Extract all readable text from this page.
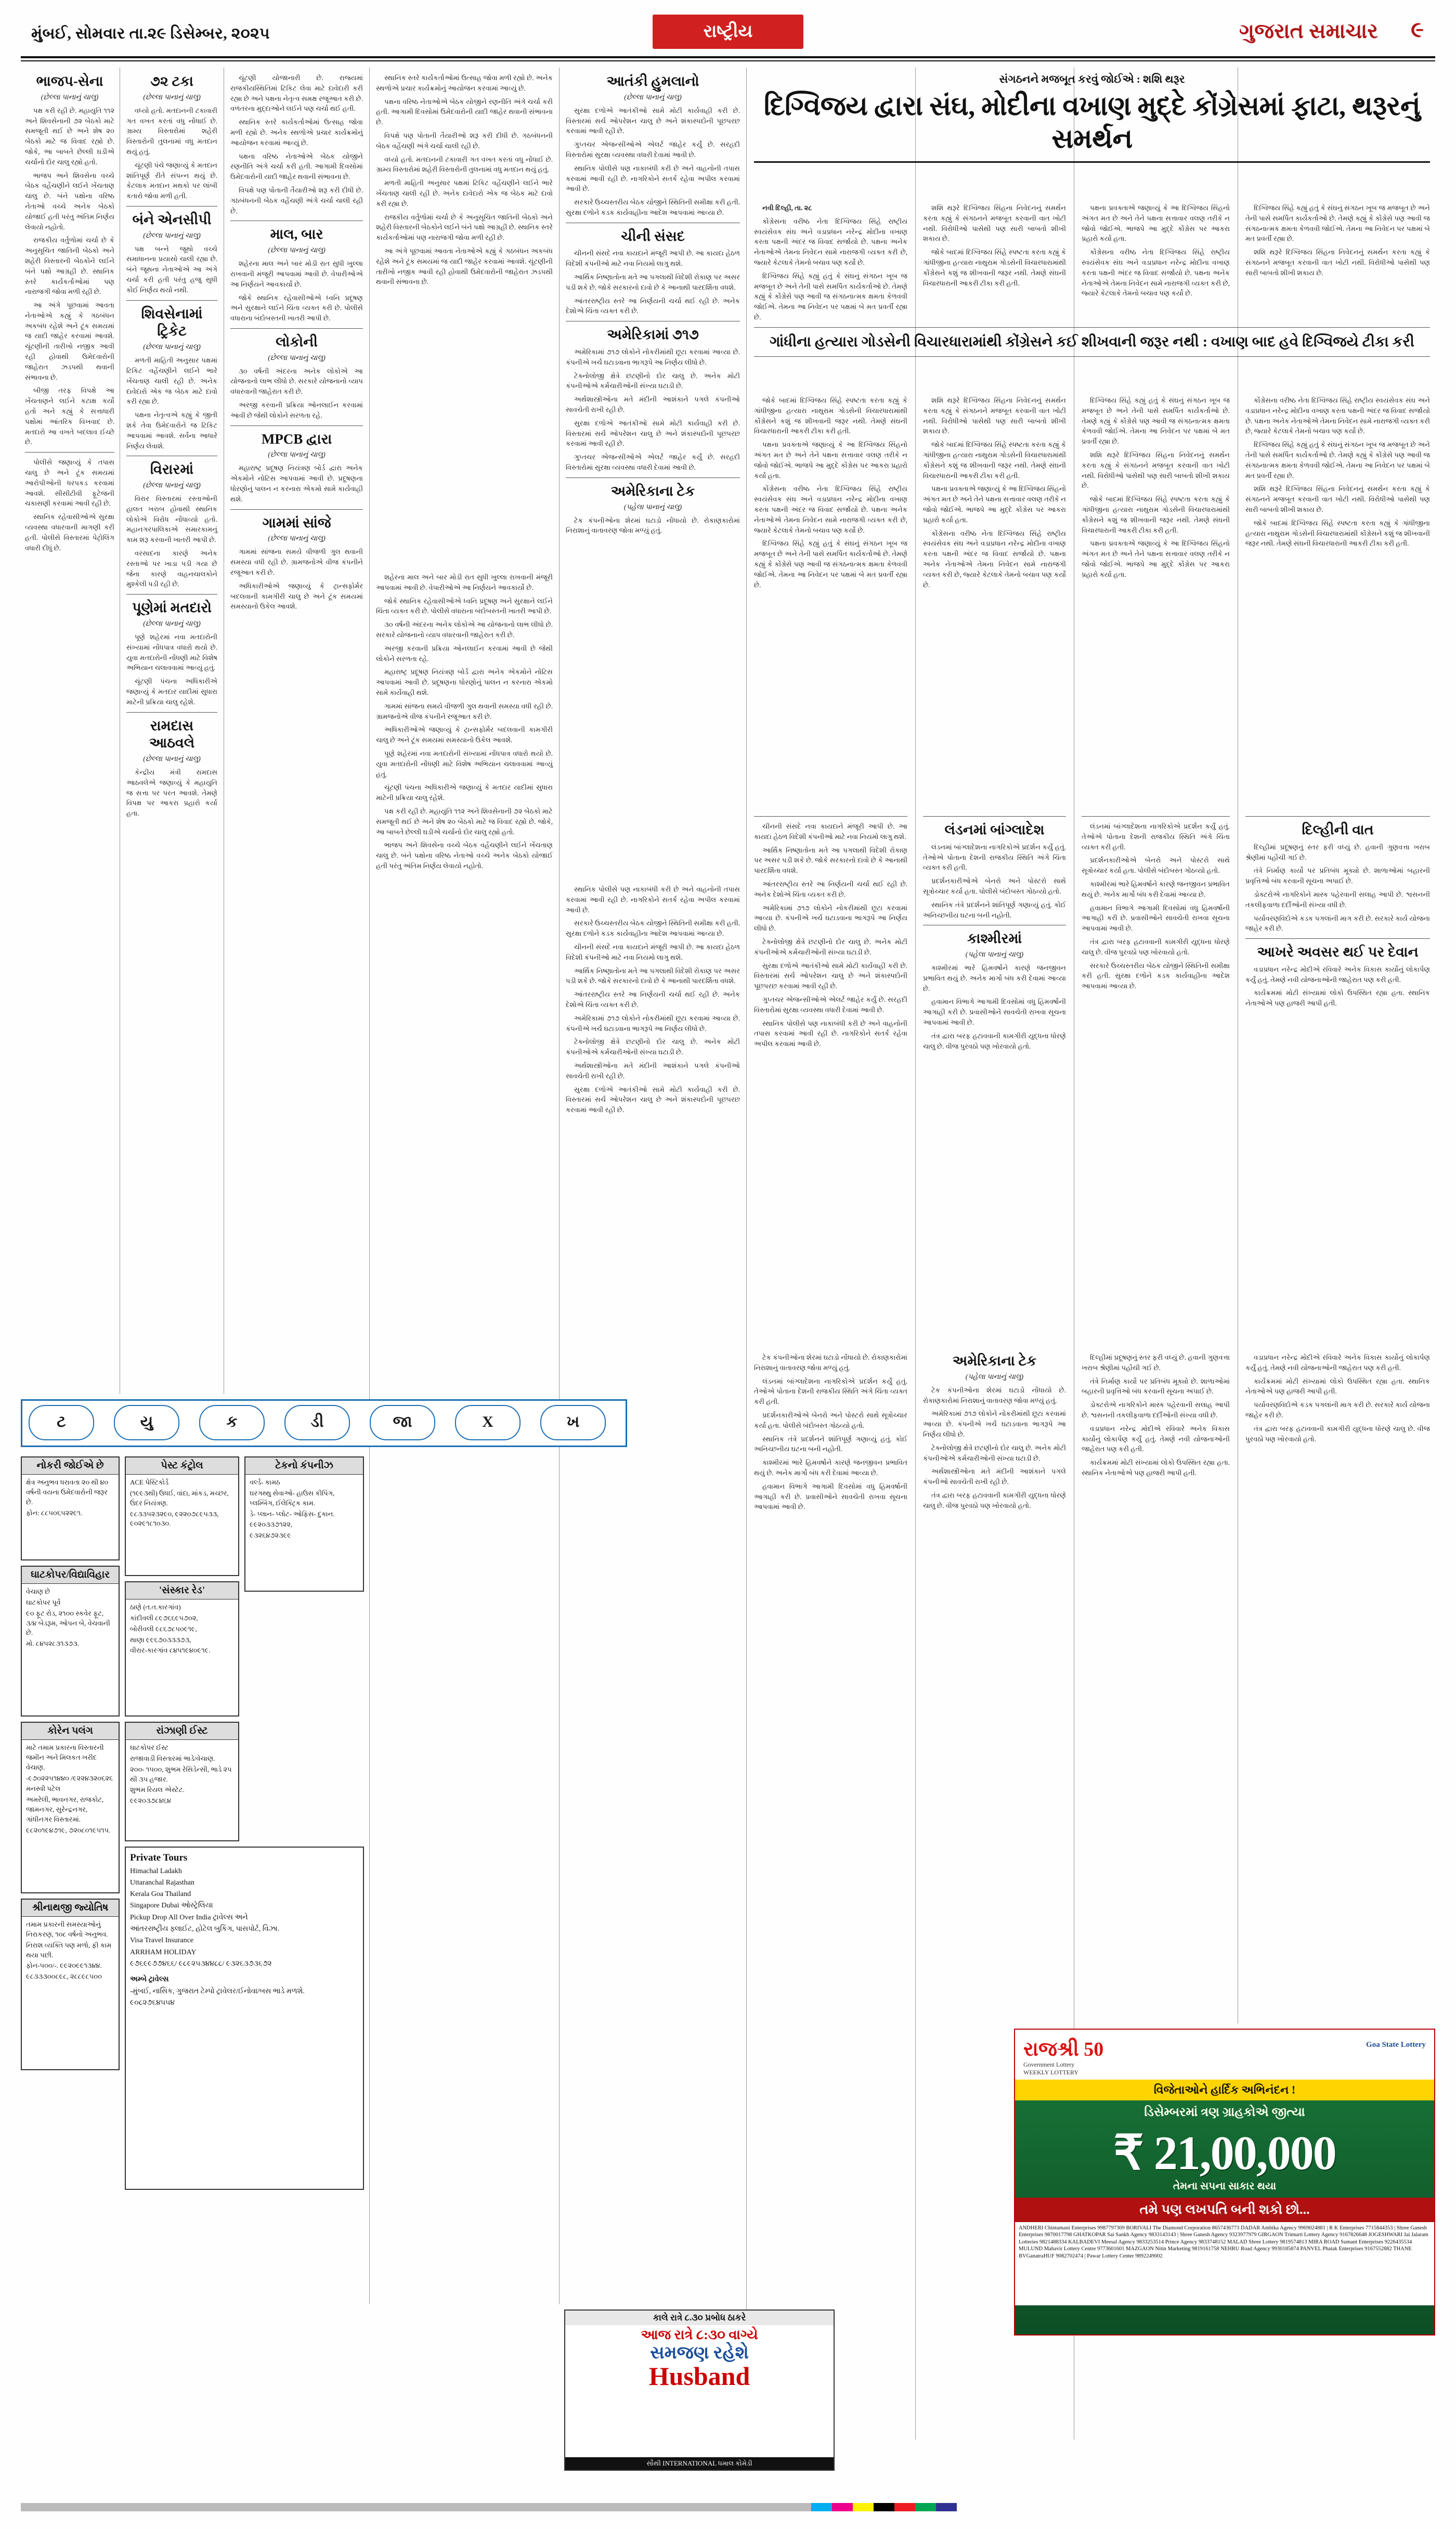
મુંબઈ, સોમવાર તા.૨૯ ડિસેમ્બર, ૨૦૨૫	રાષ્ટ્રીય	ગુજરાત સમાચાર ૯
ભાજપ-સેના
(છેલ્લા પાનાનું ચાલુ)

પક્ષ કરી રહી છે. મહાયુતિ ૧૧૨ અને શિવસેનાની ૭૨ બેઠકો માટે સમજૂતી થઈ છે અને શેષ ૨૦ બેઠકો માટે જ વિવાદ રહ્યો છે. જોકે, આ બાબતે છેલ્લી ઘડીએ ચર્ચાનો દોર ચાલુ રહ્યો હતો.

ભાજપ અને શિવસેના વચ્ચે બેઠક વહેંચણીને લઈને ખેંચતાણ ચાલુ છે. બંને પક્ષોના વરિષ્ઠ નેતાઓ વચ્ચે અનેક બેઠકો યોજાઈ હતી પરંતુ અંતિમ નિર્ણય લેવાયો નહોતો.

રાજકીય વર્તુળોમાં ચર્ચા છે કે અનુસૂચિત જાતિની બેઠકો અને શહેરી વિસ્તારની બેઠકોને લઈને બંને પક્ષો આગ્રહી છે. સ્થાનિક સ્તરે કાર્યકર્તાઓમાં પણ નારાજગી જોવા મળી રહી છે.

આ અંગે પૂછવામાં આવતા નેતાઓએ કહ્યું કે ગઠબંધન અકબંધ રહેશે અને ટૂંક સમયમાં જ યાદી જાહેર કરવામાં આવશે. ચૂંટણીની તારીખો નજીક આવી રહી હોવાથી ઉમેદવારોની જાહેરાત ઝડપથી થવાની સંભાવના છે.

બીજી તરફ વિપક્ષે આ ખેંચતાણને લઈને કટાક્ષ કર્યો હતો અને કહ્યું કે સત્તાધારી પક્ષોમાં આંતરિક વિખવાદ છે. મતદારો આ વખતે બદલાવ ઈચ્છે છે.

પોલીસે જણાવ્યું કે તપાસ ચાલુ છે અને ટૂંક સમયમાં આરોપીઓની ધરપકડ કરવામાં આવશે. સીસીટીવી ફૂટેજની ચકાસણી કરવામાં આવી રહી છે.

સ્થાનિક રહેવાસીઓએ સુરક્ષા વ્યવસ્થા વધારવાની માગણી કરી હતી. પોલીસે વિસ્તારમાં પેટ્રોલિંગ વધારી દીધું છે.

૭૨ ટકા
(છેલ્લા પાનાનું ચાલુ)

વધ્યો હતો. મતદાનની ટકાવારી ગત વખત કરતાં વધુ નોંધાઈ છે. ગ્રામ્ય વિસ્તારોમાં શહેરી વિસ્તારોની તુલનામાં વધુ મતદાન થયું હતું.

ચૂંટણી પંચે જણાવ્યું કે મતદાન શાંતિપૂર્ણ રીતે સંપન્ન થયું છે. કેટલાક મતદાન મથકો પર લાંબી કતારો જોવા મળી હતી.

બંને એનસીપી
(છેલ્લા પાનાનું ચાલુ)

પક્ષ બન્ને જૂથો વચ્ચે સમાધાનના પ્રયાસો ચાલી રહ્યા છે. બંને જૂથના નેતાઓએ આ અંગે ચર્ચા કરી હતી પરંતુ હજુ સુધી કોઈ નિર્ણય થયો નથી.

શિવસેનામાં ટ્રિકેટ
(છેલ્લા પાનાનું ચાલુ)

મળતી માહિતી અનુસાર પક્ષમાં ટિકિટ વહેંચણીને લઈને ભારે ખેંચતાણ ચાલી રહી છે. અનેક દાવેદારો એક જ બેઠક માટે દાવો કરી રહ્યા છે.

પક્ષના નેતૃત્વએ કહ્યું કે જીતી શકે તેવા ઉમેદવારોને જ ટિકિટ આપવામાં આવશે. સર્વેના આધારે નિર્ણય લેવાશે.

વિરારમાં
(છેલ્લા પાનાનું ચાલુ)

વિરાર વિસ્તારમાં રસ્તાઓની હાલત ખરાબ હોવાથી સ્થાનિક લોકોએ વિરોધ નોંધાવ્યો હતો. મહાનગરપાલિકાએ સમારકામનું કામ શરૂ કરવાની ખાતરી આપી છે.

વરસાદના કારણે અનેક રસ્તાઓ પર ખાડા પડી ગયા છે જેના કારણે વાહનચાલકોને મુશ્કેલી પડી રહી છે.

પૂણેમાં મતદારો
(છેલ્લા પાનાનું ચાલુ)

પૂણે શહેરમાં નવા મતદારોની સંખ્યામાં નોંધપાત્ર વધારો થયો છે. યુવા મતદારોની નોંધણી માટે વિશેષ અભિયાન ચલાવવામાં આવ્યું હતું.

ચૂંટણી પંચના અધિકારીએ જણાવ્યું કે મતદાર યાદીમાં સુધારા માટેની પ્રક્રિયા ચાલુ રહેશે.

રામદાસ આઠવલે
(છેલ્લા પાનાનું ચાલુ)

કેન્દ્રીય મંત્રી રામદાસ આઠવલેએ જણાવ્યું કે મહાયુતિ જ સત્તા પર પરત આવશે. તેમણે વિપક્ષ પર આકરા પ્રહારો કર્યા હતા.

ચૂંટણી યોજાનારી છે. રાજ્યમાં રાજકીયસ્થિતિમાં ટિકિટ લેવા માટે દાવેદારી કરી રહ્યા છે અને પક્ષના નેતૃત્વ સમક્ષ રજૂઆત કરી છે. વળતરના મુદ્દાઓને લઈને પણ ચર્ચા થઈ હતી.

સ્થાનિક સ્તરે કાર્યકર્તાઓમાં ઉત્સાહ જોવા મળી રહ્યો છે. અનેક સ્થળોએ પ્રચાર કાર્યક્રમોનું આયોજન કરવામાં આવ્યું છે.

પક્ષના વરિષ્ઠ નેતાઓએ બેઠક યોજીને રણનીતિ અંગે ચર્ચા કરી હતી. આગામી દિવસોમાં ઉમેદવારોની યાદી જાહેર થવાની સંભાવના છે.

વિપક્ષે પણ પોતાની તૈયારીઓ શરૂ કરી દીધી છે. ગઠબંધનની બેઠક વહેંચણી અંગે ચર્ચા ચાલી રહી છે.

માલ, બાર
(છેલ્લા પાનાનું ચાલુ)

શહેરના માલ અને બાર મોડી રાત સુધી ખુલ્લા રાખવાની મંજૂરી આપવામાં આવી છે. વેપારીઓએ આ નિર્ણયને આવકાર્યો છે.

જોકે સ્થાનિક રહેવાસીઓએ ધ્વનિ પ્રદૂષણ અને સુરક્ષાને લઈને ચિંતા વ્યક્ત કરી છે. પોલીસે વધારાના બંદોબસ્તની ખાતરી આપી છે.

લોકોની
(છેલ્લા પાનાનું ચાલુ)

૩૦ વર્ષની અંદરના અનેક લોકોએ આ યોજનાનો લાભ લીધો છે. સરકારે યોજનાનો વ્યાપ વધારવાની જાહેરાત કરી છે.

અરજી કરવાની પ્રક્રિયા ઓનલાઈન કરવામાં આવી છે જેથી લોકોને સરળતા રહે.

MPCB દ્વારા
(છેલ્લા પાનાનું ચાલુ)

મહારાષ્ટ્ર પ્રદૂષણ નિયંત્રણ બોર્ડ દ્વારા અનેક એકમોને નોટિસ આપવામાં આવી છે. પ્રદૂષણના ધોરણોનું પાલન ન કરનારા એકમો સામે કાર્યવાહી થશે.

ગામમાં સાંજે
(છેલ્લા પાનાનું ચાલુ)

ગામમાં સાંજના સમયે વીજળી ગુલ થવાની સમસ્યા વધી રહી છે. ગ્રામજનોએ વીજ કંપનીને રજૂઆત કરી છે.

અધિકારીઓએ જણાવ્યું કે ટ્રાન્સફોર્મર બદલવાની કામગીરી ચાલુ છે અને ટૂંક સમયમાં સમસ્યાનો ઉકેલ આવશે.

સ્થાનિક સ્તરે કાર્યકર્તાઓમાં ઉત્સાહ જોવા મળી રહ્યો છે. અનેક સ્થળોએ પ્રચાર કાર્યક્રમોનું આયોજન કરવામાં આવ્યું છે.

પક્ષના વરિષ્ઠ નેતાઓએ બેઠક યોજીને રણનીતિ અંગે ચર્ચા કરી હતી. આગામી દિવસોમાં ઉમેદવારોની યાદી જાહેર થવાની સંભાવના છે.

વિપક્ષે પણ પોતાની તૈયારીઓ શરૂ કરી દીધી છે. ગઠબંધનની બેઠક વહેંચણી અંગે ચર્ચા ચાલી રહી છે.

વધ્યો હતો. મતદાનની ટકાવારી ગત વખત કરતાં વધુ નોંધાઈ છે. ગ્રામ્ય વિસ્તારોમાં શહેરી વિસ્તારોની તુલનામાં વધુ મતદાન થયું હતું.

મળતી માહિતી અનુસાર પક્ષમાં ટિકિટ વહેંચણીને લઈને ભારે ખેંચતાણ ચાલી રહી છે. અનેક દાવેદારો એક જ બેઠક માટે દાવો કરી રહ્યા છે.

રાજકીય વર્તુળોમાં ચર્ચા છે કે અનુસૂચિત જાતિની બેઠકો અને શહેરી વિસ્તારની બેઠકોને લઈને બંને પક્ષો આગ્રહી છે. સ્થાનિક સ્તરે કાર્યકર્તાઓમાં પણ નારાજગી જોવા મળી રહી છે.

આ અંગે પૂછવામાં આવતા નેતાઓએ કહ્યું કે ગઠબંધન અકબંધ રહેશે અને ટૂંક સમયમાં જ યાદી જાહેર કરવામાં આવશે. ચૂંટણીની તારીખો નજીક આવી રહી હોવાથી ઉમેદવારોની જાહેરાત ઝડપથી થવાની સંભાવના છે.

આતંકી હુમલાનો
(છેલ્લા પાનાનું ચાલુ)

સુરક્ષા દળોએ આતંકીઓ સામે મોટી કાર્યવાહી કરી છે. વિસ્તારમાં સર્ચ ઓપરેશન ચાલુ છે અને શંકાસ્પદોની પૂછપરછ કરવામાં આવી રહી છે.

ગુપ્તચર એજન્સીઓએ એલર્ટ જાહેર કર્યું છે. સરહદી વિસ્તારોમાં સુરક્ષા વ્યવસ્થા વધારી દેવામાં આવી છે.

સ્થાનિક પોલીસે પણ નાકાબંધી કરી છે અને વાહનોની તપાસ કરવામાં આવી રહી છે. નાગરિકોને સતર્ક રહેવા અપીલ કરવામાં આવી છે.

સરકારે ઉચ્ચસ્તરીય બેઠક યોજીને સ્થિતિની સમીક્ષા કરી હતી. સુરક્ષા દળોને કડક કાર્યવાહીના આદેશ આપવામાં આવ્યા છે.

ચીની સંસદ

ચીનની સંસદે નવા કાયદાને મંજૂરી આપી છે. આ કાયદા હેઠળ વિદેશી કંપનીઓ માટે નવા નિયમો લાગુ થશે.

આર્થિક નિષ્ણાતોના મતે આ પગલાથી વિદેશી રોકાણ પર અસર પડી શકે છે. જોકે સરકારનો દાવો છે કે આનાથી પારદર્શિતા વધશે.

આંતરરાષ્ટ્રીય સ્તરે આ નિર્ણયની ચર્ચા થઈ રહી છે. અનેક દેશોએ ચિંતા વ્યક્ત કરી છે.

અમેરિકામાં ૭૧૭

અમેરિકામાં ૭૧૭ લોકોને નોકરીમાંથી છૂટા કરવામાં આવ્યા છે. કંપનીએ ખર્ચ ઘટાડવાના ભાગરૂપે આ નિર્ણય લીધો છે.

ટેક્નોલોજી ક્ષેત્રે છટણીનો દોર ચાલુ છે. અનેક મોટી કંપનીઓએ કર્મચારીઓની સંખ્યા ઘટાડી છે.

અર્થશાસ્ત્રીઓના મતે મંદીની આશંકાને પગલે કંપનીઓ સાવચેતી રાખી રહી છે.

સુરક્ષા દળોએ આતંકીઓ સામે મોટી કાર્યવાહી કરી છે. વિસ્તારમાં સર્ચ ઓપરેશન ચાલુ છે અને શંકાસ્પદોની પૂછપરછ કરવામાં આવી રહી છે.

ગુપ્તચર એજન્સીઓએ એલર્ટ જાહેર કર્યું છે. સરહદી વિસ્તારોમાં સુરક્ષા વ્યવસ્થા વધારી દેવામાં આવી છે.

અમેરિકાના ટેક
(પહેલા પાનાનું ચાલુ)

ટેક કંપનીઓના શેરમાં ઘટાડો નોંધાયો છે. રોકાણકારોમાં નિરાશાનું વાતાવરણ જોવા મળ્યું હતું.

સંગઠનને મજબૂત કરવું જોઈએ : શશિ થરૂર
દિગ્વિજય દ્વારા સંઘ, મોદીના વખાણ મુદ્દે કોંગ્રેસમાં ફાટા, થરૂરનું સમર્થન

નવી દિલ્હી, તા. ૨૮

કોંગ્રેસના વરીષ્ઠ નેતા દિગ્વિજય સિંહે રાષ્ટ્રીય સ્વયંસેવક સંઘ અને વડાપ્રધાન નરેન્દ્ર મોદીના વખાણ કરતા પક્ષની અંદર જ વિવાદ સર્જાયો છે. પક્ષના અનેક નેતાઓએ તેમના નિવેદન સામે નારાજગી વ્યક્ત કરી છે, જ્યારે કેટલાકે તેમનો બચાવ પણ કર્યો છે.

દિગ્વિજય સિંહે કહ્યું હતું કે સંઘનું સંગઠન ખૂબ જ મજબૂત છે અને તેની પાસે સમર્પિત કાર્યકર્તાઓ છે. તેમણે કહ્યું કે કોંગ્રેસે પણ આવી જ સંગઠનાત્મક ક્ષમતા કેળવવી જોઈએ. તેમના આ નિવેદન પર પક્ષમાં બે મત પ્રવર્તી રહ્યા છે.

શશિ થરૂરે દિગ્વિજય સિંહના નિવેદનનું સમર્થન કરતા કહ્યું કે સંગઠનને મજબૂત કરવાની વાત ખોટી નથી. વિરોધીઓ પાસેથી પણ સારી બાબતો શીખી શકાય છે.

જોકે બાદમાં દિગ્વિજય સિંહે સ્પષ્ટતા કરતા કહ્યું કે ગાંધીજીના હત્યારા નાથુરામ ગોડસેની વિચારધારામાંથી કોંગ્રેસને કશું જ શીખવાની જરૂર નથી. તેમણે સંઘની વિચારધારાની આકરી ટીકા કરી હતી.

પક્ષના પ્રવક્તાએ જણાવ્યું કે આ દિગ્વિજય સિંહનો અંગત મત છે અને તેને પક્ષના સત્તાવાર વલણ તરીકે ન જોવો જોઈએ. ભાજપે આ મુદ્દે કોંગ્રેસ પર આકરા પ્રહારો કર્યા હતા.

કોંગ્રેસના વરીષ્ઠ નેતા દિગ્વિજય સિંહે રાષ્ટ્રીય સ્વયંસેવક સંઘ અને વડાપ્રધાન નરેન્દ્ર મોદીના વખાણ કરતા પક્ષની અંદર જ વિવાદ સર્જાયો છે. પક્ષના અનેક નેતાઓએ તેમના નિવેદન સામે નારાજગી વ્યક્ત કરી છે, જ્યારે કેટલાકે તેમનો બચાવ પણ કર્યો છે.

દિગ્વિજય સિંહે કહ્યું હતું કે સંઘનું સંગઠન ખૂબ જ મજબૂત છે અને તેની પાસે સમર્પિત કાર્યકર્તાઓ છે. તેમણે કહ્યું કે કોંગ્રેસે પણ આવી જ સંગઠનાત્મક ક્ષમતા કેળવવી જોઈએ. તેમના આ નિવેદન પર પક્ષમાં બે મત પ્રવર્તી રહ્યા છે.

શશિ થરૂરે દિગ્વિજય સિંહના નિવેદનનું સમર્થન કરતા કહ્યું કે સંગઠનને મજબૂત કરવાની વાત ખોટી નથી. વિરોધીઓ પાસેથી પણ સારી બાબતો શીખી શકાય છે.

ગાંધીના હત્યારા ગોડસેની વિચારધારામાંથી કોંગ્રેસને કઈ શીખવાની જરૂર નથી : વખાણ બાદ હવે દિગ્વિજયે ટીકા કરી

જોકે બાદમાં દિગ્વિજય સિંહે સ્પષ્ટતા કરતા કહ્યું કે ગાંધીજીના હત્યારા નાથુરામ ગોડસેની વિચારધારામાંથી કોંગ્રેસને કશું જ શીખવાની જરૂર નથી. તેમણે સંઘની વિચારધારાની આકરી ટીકા કરી હતી.

પક્ષના પ્રવક્તાએ જણાવ્યું કે આ દિગ્વિજય સિંહનો અંગત મત છે અને તેને પક્ષના સત્તાવાર વલણ તરીકે ન જોવો જોઈએ. ભાજપે આ મુદ્દે કોંગ્રેસ પર આકરા પ્રહારો કર્યા હતા.

કોંગ્રેસના વરીષ્ઠ નેતા દિગ્વિજય સિંહે રાષ્ટ્રીય સ્વયંસેવક સંઘ અને વડાપ્રધાન નરેન્દ્ર મોદીના વખાણ કરતા પક્ષની અંદર જ વિવાદ સર્જાયો છે. પક્ષના અનેક નેતાઓએ તેમના નિવેદન સામે નારાજગી વ્યક્ત કરી છે, જ્યારે કેટલાકે તેમનો બચાવ પણ કર્યો છે.

દિગ્વિજય સિંહે કહ્યું હતું કે સંઘનું સંગઠન ખૂબ જ મજબૂત છે અને તેની પાસે સમર્પિત કાર્યકર્તાઓ છે. તેમણે કહ્યું કે કોંગ્રેસે પણ આવી જ સંગઠનાત્મક ક્ષમતા કેળવવી જોઈએ. તેમના આ નિવેદન પર પક્ષમાં બે મત પ્રવર્તી રહ્યા છે.

શશિ થરૂરે દિગ્વિજય સિંહના નિવેદનનું સમર્થન કરતા કહ્યું કે સંગઠનને મજબૂત કરવાની વાત ખોટી નથી. વિરોધીઓ પાસેથી પણ સારી બાબતો શીખી શકાય છે.

જોકે બાદમાં દિગ્વિજય સિંહે સ્પષ્ટતા કરતા કહ્યું કે ગાંધીજીના હત્યારા નાથુરામ ગોડસેની વિચારધારામાંથી કોંગ્રેસને કશું જ શીખવાની જરૂર નથી. તેમણે સંઘની વિચારધારાની આકરી ટીકા કરી હતી.

પક્ષના પ્રવક્તાએ જણાવ્યું કે આ દિગ્વિજય સિંહનો અંગત મત છે અને તેને પક્ષના સત્તાવાર વલણ તરીકે ન જોવો જોઈએ. ભાજપે આ મુદ્દે કોંગ્રેસ પર આકરા પ્રહારો કર્યા હતા.

કોંગ્રેસના વરીષ્ઠ નેતા દિગ્વિજય સિંહે રાષ્ટ્રીય સ્વયંસેવક સંઘ અને વડાપ્રધાન નરેન્દ્ર મોદીના વખાણ કરતા પક્ષની અંદર જ વિવાદ સર્જાયો છે. પક્ષના અનેક નેતાઓએ તેમના નિવેદન સામે નારાજગી વ્યક્ત કરી છે, જ્યારે કેટલાકે તેમનો બચાવ પણ કર્યો છે.

દિગ્વિજય સિંહે કહ્યું હતું કે સંઘનું સંગઠન ખૂબ જ મજબૂત છે અને તેની પાસે સમર્પિત કાર્યકર્તાઓ છે. તેમણે કહ્યું કે કોંગ્રેસે પણ આવી જ સંગઠનાત્મક ક્ષમતા કેળવવી જોઈએ. તેમના આ નિવેદન પર પક્ષમાં બે મત પ્રવર્તી રહ્યા છે.

શશિ થરૂરે દિગ્વિજય સિંહના નિવેદનનું સમર્થન કરતા કહ્યું કે સંગઠનને મજબૂત કરવાની વાત ખોટી નથી. વિરોધીઓ પાસેથી પણ સારી બાબતો શીખી શકાય છે.

જોકે બાદમાં દિગ્વિજય સિંહે સ્પષ્ટતા કરતા કહ્યું કે ગાંધીજીના હત્યારા નાથુરામ ગોડસેની વિચારધારામાંથી કોંગ્રેસને કશું જ શીખવાની જરૂર નથી. તેમણે સંઘની વિચારધારાની આકરી ટીકા કરી હતી.

પક્ષના પ્રવક્તાએ જણાવ્યું કે આ દિગ્વિજય સિંહનો અંગત મત છે અને તેને પક્ષના સત્તાવાર વલણ તરીકે ન જોવો જોઈએ. ભાજપે આ મુદ્દે કોંગ્રેસ પર આકરા પ્રહારો કર્યા હતા.

કોંગ્રેસના વરીષ્ઠ નેતા દિગ્વિજય સિંહે રાષ્ટ્રીય સ્વયંસેવક સંઘ અને વડાપ્રધાન નરેન્દ્ર મોદીના વખાણ કરતા પક્ષની અંદર જ વિવાદ સર્જાયો છે. પક્ષના અનેક નેતાઓએ તેમના નિવેદન સામે નારાજગી વ્યક્ત કરી છે, જ્યારે કેટલાકે તેમનો બચાવ પણ કર્યો છે.

દિગ્વિજય સિંહે કહ્યું હતું કે સંઘનું સંગઠન ખૂબ જ મજબૂત છે અને તેની પાસે સમર્પિત કાર્યકર્તાઓ છે. તેમણે કહ્યું કે કોંગ્રેસે પણ આવી જ સંગઠનાત્મક ક્ષમતા કેળવવી જોઈએ. તેમના આ નિવેદન પર પક્ષમાં બે મત પ્રવર્તી રહ્યા છે.

શશિ થરૂરે દિગ્વિજય સિંહના નિવેદનનું સમર્થન કરતા કહ્યું કે સંગઠનને મજબૂત કરવાની વાત ખોટી નથી. વિરોધીઓ પાસેથી પણ સારી બાબતો શીખી શકાય છે.

જોકે બાદમાં દિગ્વિજય સિંહે સ્પષ્ટતા કરતા કહ્યું કે ગાંધીજીના હત્યારા નાથુરામ ગોડસેની વિચારધારામાંથી કોંગ્રેસને કશું જ શીખવાની જરૂર નથી. તેમણે સંઘની વિચારધારાની આકરી ટીકા કરી હતી.

ચીનની સંસદે નવા કાયદાને મંજૂરી આપી છે. આ કાયદા હેઠળ વિદેશી કંપનીઓ માટે નવા નિયમો લાગુ થશે.

આર્થિક નિષ્ણાતોના મતે આ પગલાથી વિદેશી રોકાણ પર અસર પડી શકે છે. જોકે સરકારનો દાવો છે કે આનાથી પારદર્શિતા વધશે.

આંતરરાષ્ટ્રીય સ્તરે આ નિર્ણયની ચર્ચા થઈ રહી છે. અનેક દેશોએ ચિંતા વ્યક્ત કરી છે.

અમેરિકામાં ૭૧૭ લોકોને નોકરીમાંથી છૂટા કરવામાં આવ્યા છે. કંપનીએ ખર્ચ ઘટાડવાના ભાગરૂપે આ નિર્ણય લીધો છે.

ટેક્નોલોજી ક્ષેત્રે છટણીનો દોર ચાલુ છે. અનેક મોટી કંપનીઓએ કર્મચારીઓની સંખ્યા ઘટાડી છે.

સુરક્ષા દળોએ આતંકીઓ સામે મોટી કાર્યવાહી કરી છે. વિસ્તારમાં સર્ચ ઓપરેશન ચાલુ છે અને શંકાસ્પદોની પૂછપરછ કરવામાં આવી રહી છે.

ગુપ્તચર એજન્સીઓએ એલર્ટ જાહેર કર્યું છે. સરહદી વિસ્તારોમાં સુરક્ષા વ્યવસ્થા વધારી દેવામાં આવી છે.

સ્થાનિક પોલીસે પણ નાકાબંધી કરી છે અને વાહનોની તપાસ કરવામાં આવી રહી છે. નાગરિકોને સતર્ક રહેવા અપીલ કરવામાં આવી છે.

લંડનમાં બાંગ્લાદેશ

લંડનમાં બાંગ્લાદેશના નાગરિકોએ પ્રદર્શન કર્યું હતું. તેઓએ પોતાના દેશની રાજકીય સ્થિતિ અંગે ચિંતા વ્યક્ત કરી હતી.

પ્રદર્શનકારીઓએ બેનરો અને પોસ્ટરો સાથે સૂત્રોચ્ચાર કર્યા હતા. પોલીસે બંદોબસ્ત ગોઠવ્યો હતો.

સ્થાનિક તંત્રે પ્રદર્શનને શાંતિપૂર્ણ ગણાવ્યું હતું. કોઈ અનિચ્છનીય ઘટના બની નહોતી.

કાશ્મીરમાં
(પહેલા પાનાનું ચાલુ)

કાશ્મીરમાં ભારે હિમવર્ષાને કારણે જનજીવન પ્રભાવિત થયું છે. અનેક માર્ગો બંધ કરી દેવામાં આવ્યા છે.

હવામાન વિભાગે આગામી દિવસોમાં વધુ હિમવર્ષાની આગાહી કરી છે. પ્રવાસીઓને સાવચેતી રાખવા સૂચના આપવામાં આવી છે.

તંત્ર દ્વારા બરફ હટાવવાની કામગીરી યુદ્ધના ધોરણે ચાલુ છે. વીજ પુરવઠો પણ ખોરવાયો હતો.

લંડનમાં બાંગ્લાદેશના નાગરિકોએ પ્રદર્શન કર્યું હતું. તેઓએ પોતાના દેશની રાજકીય સ્થિતિ અંગે ચિંતા વ્યક્ત કરી હતી.

પ્રદર્શનકારીઓએ બેનરો અને પોસ્ટરો સાથે સૂત્રોચ્ચાર કર્યા હતા. પોલીસે બંદોબસ્ત ગોઠવ્યો હતો.

કાશ્મીરમાં ભારે હિમવર્ષાને કારણે જનજીવન પ્રભાવિત થયું છે. અનેક માર્ગો બંધ કરી દેવામાં આવ્યા છે.

હવામાન વિભાગે આગામી દિવસોમાં વધુ હિમવર્ષાની આગાહી કરી છે. પ્રવાસીઓને સાવચેતી રાખવા સૂચના આપવામાં આવી છે.

તંત્ર દ્વારા બરફ હટાવવાની કામગીરી યુદ્ધના ધોરણે ચાલુ છે. વીજ પુરવઠો પણ ખોરવાયો હતો.

સરકારે ઉચ્ચસ્તરીય બેઠક યોજીને સ્થિતિની સમીક્ષા કરી હતી. સુરક્ષા દળોને કડક કાર્યવાહીના આદેશ આપવામાં આવ્યા છે.

દિલ્હીની વાત

દિલ્હીમાં પ્રદૂષણનું સ્તર ફરી વધ્યું છે. હવાની ગુણવત્તા ખરાબ શ્રેણીમાં પહોંચી ગઈ છે.

તંત્રે નિર્માણ કાર્યો પર પ્રતિબંધ મૂક્યો છે. શાળાઓમાં બહારની પ્રવૃત્તિઓ બંધ કરવાની સૂચના અપાઈ છે.

ડોક્ટરોએ નાગરિકોને માસ્ક પહેરવાની સલાહ આપી છે. શ્વસનની તકલીફવાળા દર્દીઓની સંખ્યા વધી છે.

પર્યાવરણવિદોએ કડક પગલાંની માગ કરી છે. સરકારે કાર્ય યોજના જાહેર કરી છે.

આખરે અવસર થઈ પર દેવાન

વડાપ્રધાન નરેન્દ્ર મોદીએ રવિવારે અનેક વિકાસ કાર્યોનું લોકાર્પણ કર્યું હતું. તેમણે નવી યોજનાઓની જાહેરાત પણ કરી હતી.

કાર્યક્રમમાં મોટી સંખ્યામાં લોકો ઉપસ્થિત રહ્યા હતા. સ્થાનિક નેતાઓએ પણ હાજરી આપી હતી.

ટ	યુ	ક	ડી	જા	X	ખ
નોકરી જોઈએ છે
ક્ષેત્ર અનુભવ ધરાવતા ૨૦ થી ૪૦ વર્ષની વયના ઉમેદવારોની જરૂર છે.
ફોન: ૮૮૫૦૬૫૨૨૯૧.
ઘાટકોપર/વિદ્યાવિહાર
વેચાણ છે
ઘાટકોપર પૂર્વ
૯૦ ફૂટ રોડ, ૨૧૦૦ સ્કવેર ફૂટ, ૩/૪ બેડરૂમ, ઓપન બે, વેચવાની છે.
મો. ૮૪૫૨૮૩૧૩૭૩.
કોરેન પલંગ
માટે તમામ પ્રકારના વિસ્તારની જમીન અને મિલકત ખરીદ વેચાણ.
-૯૭૦૨૨૫૧૪૪૦ /૯૨૨૪૩૨૦૬૨૬
મનસ્વી પટેલ
અમરેલી, ભાવનગર, રાજકોટ, જામનગર, સુરેન્દ્રનગર, ગાંધીનગર વિસ્તારમાં.
૯૮૨૦૧૯૪૭૧૯, ૭૨૦૮૦૧૯૫૧૫.
શ્રીનાથજી જ્યોતિષ
તમામ પ્રકારની સમસ્યાઓનું નિરાકરણ, ૧૦૮ વર્ષનો અનુભવ.
નિરાશ વ્યક્તિ પણ મળો, ફી કામ થયા પછી.
ફોન-૫૦૦/-. ૯૯૨૦૯૯૧૩૪૪.
૯૮૩૩૩૦૦૮૯૮, ૨૮૮૯૮૫૦૦
પેસ્ટ કંટ્રોલ
ACE પેસ્ટિકોર્ડ
(૧૯૯૩થી) ઉધઈ, વાંદા, માંકડ, મચ્છર, ઉંદર નિયંત્રણ.
૯૮૩૩૫૨૩૨૯૦, ૯૨૨૦૭૮૯૫૩૩, ૯૦૨૯૧૮૧૦૩૦.
'સંસ્કાર રેડ'
ઠાણે (ત.ત.કારગાંવ)
કાંદીવલી ૮૯૭૬૬૯૫૭૦૨,
બોરીવલી ૯૮૬૭૮૫૦૯૧૯,
થાણા ૯૯૬૭૦૩૩૩૭૩,
વીરાર-કારગાંવ ૮૪૫૧૯૪૦૯૧૯.
રાંઝાણી ઈસ્ટ
ઘાટકોપર ઈસ્ટ
રાજાવાડી વિસ્તારમાં ભાડે/વેચાણ.
૨૦૦- ૧૫૦૦, શુભમ રેસિડેન્સી, ભાડે ૨૫ થી ૩૫ હજાર.
શુભમ રિયલ એસ્ટેટ.
૯૯૨૦૩૭૮૪૬૪
ટેકનો કંપનીઝ
વર્લ્ડ- કામઠ
ઘરગથ્થુ સેવાઓ- હાઉસ કીપિંગ, પ્લમ્બિંગ, ઈલેક્ટ્રિક કામ.
ડે- પ્લાન- પ્લોટ- ઓફિસ- દુકાન.
૯૯૨૦૩૩૭૧૨૨,
૯૩૨૬૪૭૨૩૯૯
Private Tours
Himachal Ladakh
Uttaranchal Rajasthan
Kerala Goa Thailand
Singapore Dubai ઓસ્ટ્રેલિયા
Pickup Drop All Over India ટ્રાવેલ્સ અને
આંતરરાષ્ટ્રીય ફ્લાઈટ, હોટેલ બુકિંગ, પાસપોર્ટ, વિઝા.
Visa Travel Insurance
ARRHAM HOLIDAY
૯૭૬૯૯૭૭૪૬૬/ ૯૮૯૨૫૩૪૪૮૮/ ૯૩૨૬૩૭૩૬૭૨
અમ્બે ટ્રાવેલ્સ
-મુંબઈ, નાસિક, ગુજરાત ટેમ્પો ટ્રાવેલર/ઈનોવા/બસ ભાડે મળશે.
૯૦૮૨૭૬૪૫૫૪

શહેરના માલ અને બાર મોડી રાત સુધી ખુલ્લા રાખવાની મંજૂરી આપવામાં આવી છે. વેપારીઓએ આ નિર્ણયને આવકાર્યો છે.

જોકે સ્થાનિક રહેવાસીઓએ ધ્વનિ પ્રદૂષણ અને સુરક્ષાને લઈને ચિંતા વ્યક્ત કરી છે. પોલીસે વધારાના બંદોબસ્તની ખાતરી આપી છે.

૩૦ વર્ષની અંદરના અનેક લોકોએ આ યોજનાનો લાભ લીધો છે. સરકારે યોજનાનો વ્યાપ વધારવાની જાહેરાત કરી છે.

અરજી કરવાની પ્રક્રિયા ઓનલાઈન કરવામાં આવી છે જેથી લોકોને સરળતા રહે.

મહારાષ્ટ્ર પ્રદૂષણ નિયંત્રણ બોર્ડ દ્વારા અનેક એકમોને નોટિસ આપવામાં આવી છે. પ્રદૂષણના ધોરણોનું પાલન ન કરનારા એકમો સામે કાર્યવાહી થશે.

ગામમાં સાંજના સમયે વીજળી ગુલ થવાની સમસ્યા વધી રહી છે. ગ્રામજનોએ વીજ કંપનીને રજૂઆત કરી છે.

અધિકારીઓએ જણાવ્યું કે ટ્રાન્સફોર્મર બદલવાની કામગીરી ચાલુ છે અને ટૂંક સમયમાં સમસ્યાનો ઉકેલ આવશે.

પૂણે શહેરમાં નવા મતદારોની સંખ્યામાં નોંધપાત્ર વધારો થયો છે. યુવા મતદારોની નોંધણી માટે વિશેષ અભિયાન ચલાવવામાં આવ્યું હતું.

ચૂંટણી પંચના અધિકારીએ જણાવ્યું કે મતદાર યાદીમાં સુધારા માટેની પ્રક્રિયા ચાલુ રહેશે.

પક્ષ કરી રહી છે. મહાયુતિ ૧૧૨ અને શિવસેનાની ૭૨ બેઠકો માટે સમજૂતી થઈ છે અને શેષ ૨૦ બેઠકો માટે જ વિવાદ રહ્યો છે. જોકે, આ બાબતે છેલ્લી ઘડીએ ચર્ચાનો દોર ચાલુ રહ્યો હતો.

ભાજપ અને શિવસેના વચ્ચે બેઠક વહેંચણીને લઈને ખેંચતાણ ચાલુ છે. બંને પક્ષોના વરિષ્ઠ નેતાઓ વચ્ચે અનેક બેઠકો યોજાઈ હતી પરંતુ અંતિમ નિર્ણય લેવાયો નહોતો.

સ્થાનિક પોલીસે પણ નાકાબંધી કરી છે અને વાહનોની તપાસ કરવામાં આવી રહી છે. નાગરિકોને સતર્ક રહેવા અપીલ કરવામાં આવી છે.

સરકારે ઉચ્ચસ્તરીય બેઠક યોજીને સ્થિતિની સમીક્ષા કરી હતી. સુરક્ષા દળોને કડક કાર્યવાહીના આદેશ આપવામાં આવ્યા છે.

ચીનની સંસદે નવા કાયદાને મંજૂરી આપી છે. આ કાયદા હેઠળ વિદેશી કંપનીઓ માટે નવા નિયમો લાગુ થશે.

આર્થિક નિષ્ણાતોના મતે આ પગલાથી વિદેશી રોકાણ પર અસર પડી શકે છે. જોકે સરકારનો દાવો છે કે આનાથી પારદર્શિતા વધશે.

આંતરરાષ્ટ્રીય સ્તરે આ નિર્ણયની ચર્ચા થઈ રહી છે. અનેક દેશોએ ચિંતા વ્યક્ત કરી છે.

અમેરિકામાં ૭૧૭ લોકોને નોકરીમાંથી છૂટા કરવામાં આવ્યા છે. કંપનીએ ખર્ચ ઘટાડવાના ભાગરૂપે આ નિર્ણય લીધો છે.

ટેક્નોલોજી ક્ષેત્રે છટણીનો દોર ચાલુ છે. અનેક મોટી કંપનીઓએ કર્મચારીઓની સંખ્યા ઘટાડી છે.

અર્થશાસ્ત્રીઓના મતે મંદીની આશંકાને પગલે કંપનીઓ સાવચેતી રાખી રહી છે.

સુરક્ષા દળોએ આતંકીઓ સામે મોટી કાર્યવાહી કરી છે. વિસ્તારમાં સર્ચ ઓપરેશન ચાલુ છે અને શંકાસ્પદોની પૂછપરછ કરવામાં આવી રહી છે.

ટેક કંપનીઓના શેરમાં ઘટાડો નોંધાયો છે. રોકાણકારોમાં નિરાશાનું વાતાવરણ જોવા મળ્યું હતું.

લંડનમાં બાંગ્લાદેશના નાગરિકોએ પ્રદર્શન કર્યું હતું. તેઓએ પોતાના દેશની રાજકીય સ્થિતિ અંગે ચિંતા વ્યક્ત કરી હતી.

પ્રદર્શનકારીઓએ બેનરો અને પોસ્ટરો સાથે સૂત્રોચ્ચાર કર્યા હતા. પોલીસે બંદોબસ્ત ગોઠવ્યો હતો.

સ્થાનિક તંત્રે પ્રદર્શનને શાંતિપૂર્ણ ગણાવ્યું હતું. કોઈ અનિચ્છનીય ઘટના બની નહોતી.

કાશ્મીરમાં ભારે હિમવર્ષાને કારણે જનજીવન પ્રભાવિત થયું છે. અનેક માર્ગો બંધ કરી દેવામાં આવ્યા છે.

હવામાન વિભાગે આગામી દિવસોમાં વધુ હિમવર્ષાની આગાહી કરી છે. પ્રવાસીઓને સાવચેતી રાખવા સૂચના આપવામાં આવી છે.

અમેરિકાના ટેક
(પહેલા પાનાનું ચાલુ)

ટેક કંપનીઓના શેરમાં ઘટાડો નોંધાયો છે. રોકાણકારોમાં નિરાશાનું વાતાવરણ જોવા મળ્યું હતું.

અમેરિકામાં ૭૧૭ લોકોને નોકરીમાંથી છૂટા કરવામાં આવ્યા છે. કંપનીએ ખર્ચ ઘટાડવાના ભાગરૂપે આ નિર્ણય લીધો છે.

ટેક્નોલોજી ક્ષેત્રે છટણીનો દોર ચાલુ છે. અનેક મોટી કંપનીઓએ કર્મચારીઓની સંખ્યા ઘટાડી છે.

અર્થશાસ્ત્રીઓના મતે મંદીની આશંકાને પગલે કંપનીઓ સાવચેતી રાખી રહી છે.

તંત્ર દ્વારા બરફ હટાવવાની કામગીરી યુદ્ધના ધોરણે ચાલુ છે. વીજ પુરવઠો પણ ખોરવાયો હતો.

દિલ્હીમાં પ્રદૂષણનું સ્તર ફરી વધ્યું છે. હવાની ગુણવત્તા ખરાબ શ્રેણીમાં પહોંચી ગઈ છે.

તંત્રે નિર્માણ કાર્યો પર પ્રતિબંધ મૂક્યો છે. શાળાઓમાં બહારની પ્રવૃત્તિઓ બંધ કરવાની સૂચના અપાઈ છે.

ડોક્ટરોએ નાગરિકોને માસ્ક પહેરવાની સલાહ આપી છે. શ્વસનની તકલીફવાળા દર્દીઓની સંખ્યા વધી છે.

વડાપ્રધાન નરેન્દ્ર મોદીએ રવિવારે અનેક વિકાસ કાર્યોનું લોકાર્પણ કર્યું હતું. તેમણે નવી યોજનાઓની જાહેરાત પણ કરી હતી.

કાર્યક્રમમાં મોટી સંખ્યામાં લોકો ઉપસ્થિત રહ્યા હતા. સ્થાનિક નેતાઓએ પણ હાજરી આપી હતી.

વડાપ્રધાન નરેન્દ્ર મોદીએ રવિવારે અનેક વિકાસ કાર્યોનું લોકાર્પણ કર્યું હતું. તેમણે નવી યોજનાઓની જાહેરાત પણ કરી હતી.

કાર્યક્રમમાં મોટી સંખ્યામાં લોકો ઉપસ્થિત રહ્યા હતા. સ્થાનિક નેતાઓએ પણ હાજરી આપી હતી.

પર્યાવરણવિદોએ કડક પગલાંની માગ કરી છે. સરકારે કાર્ય યોજના જાહેર કરી છે.

તંત્ર દ્વારા બરફ હટાવવાની કામગીરી યુદ્ધના ધોરણે ચાલુ છે. વીજ પુરવઠો પણ ખોરવાયો હતો.

કાલે રાત્રે ૮.૩૦ પ્રબોધ ઠાકરે
આજ રાત્રે ૮:૩૦ વાગ્યે
સમજણ રહેશે
Husband
સૌથી INTERNATIONAL ધમાલ કોમેડી
રાજશ્રી 50
Government Lottery
WEEKLY LOTTERY
Goa State Lottery
વિજેતાઓને હાર્દિક અભિનંદન !
ડિસેમ્બરમાં ત્રણ ગ્રાહકોએ જીત્યા
₹ 21,00,000
તેમના સપના સાકાર થયા
તમે પણ લખપતિ બની શકો છો...
ANDHERI Chintamani Enterprises 9987797309 BORIVALI The Diamond Corporation 8657436773 DADAR Ambika Agency 9969024881 | R K Enterprises 7715844353 | Shree Ganesh Enterprises 9870017798 GHATKOPAR Sai Sankh Agency 9833143143 | Shree Ganesh Agency 9323977979 GIRGAON Trimurti Lottery Agency 9167826648 JOGESHWARI Jai Jalaram Lotteries 9821488334 KALBADEVI Meesal Agency 9833253514 Prince Agency 9833748152 MALAD Shree Lottery 9819574813 MIRA ROAD Sumant Enterprises 9226435534 MULUND Mahavir Lottery Centre 9773601601 MAZGAON Nitin Marketing 9819161758 NEHRU Road Agency 9930185874 PANVEL Phatak Enterprises 9167552882 THANE BVGanatraHUF 9082702474 | Pawar Lottery Center 9892249002
